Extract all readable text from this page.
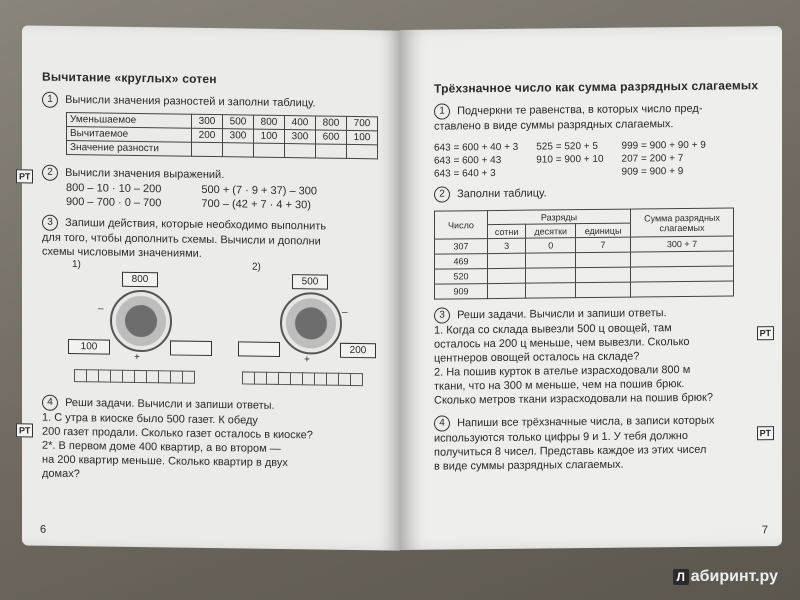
Вычитание «круглых» сотен

1 Вычисли значения разностей и заполни таблицу.

Уменьшаемое	300	500	800	400	800	700
Вычитаемое	200	300	100	300	600	100
Значение разности						
РТ	2 Вычисли значения выражений.

800 – 10 · 10 – 200
900 – 700 · 0 – 700
500 + (7 · 9 + 37) – 300
700 – (42 + 7 · 4 + 30)

3 Запиши действия, которые необходимо выполнить
для того, чтобы дополнить схемы. Вычисли и дополни
схемы числовыми значениями.

1)	2)
800
–
+
100
500
–
+
200
РТ

4 Реши задачи. Вычисли и запиши ответы.
1. С утра в киоске было 500 газет. К обеду
200 газет продали. Сколько газет осталось в киоске?
2*. В первом доме 400 квартир, а во втором —
на 200 квартир меньше. Сколько квартир в двух
домах?

6
Трёхзначное число как сумма разрядных слагаемых

1 Подчеркни те равенства, в которых число пред-
ставлено в виде суммы разрядных слагаемых.

643 = 600 + 40 + 3
643 = 600 + 43
643 = 640 + 3
525 = 520 + 5
910 = 900 + 10
999 = 900 + 90 + 9
207 = 200 + 7
909 = 900 + 9

2 Заполни таблицу.

Число	Разряды			Сумма разрядных слагаемых
	сотни	десятки	единицы	
307	3	0	7	300 + 7
469				
520				
909				
РТ

3 Реши задачи. Вычисли и запиши ответы.
1. Когда со склада вывезли 500 ц овощей, там
осталось на 200 ц меньше, чем вывезли. Сколько
центнеров овощей осталось на складе?
2. На пошив курток в ателье израсходовали 800 м
ткани, что на 300 м меньше, чем на пошив брюк.
Сколько метров ткани израсходовали на пошив брюк?

РТ

4 Напиши все трёхзначные числа, в записи которых
используются только цифры 9 и 1. У тебя должно
получиться 8 чисел. Представь каждое из этих чисел
в виде суммы разрядных слагаемых.

7
Л абиринт.ру
